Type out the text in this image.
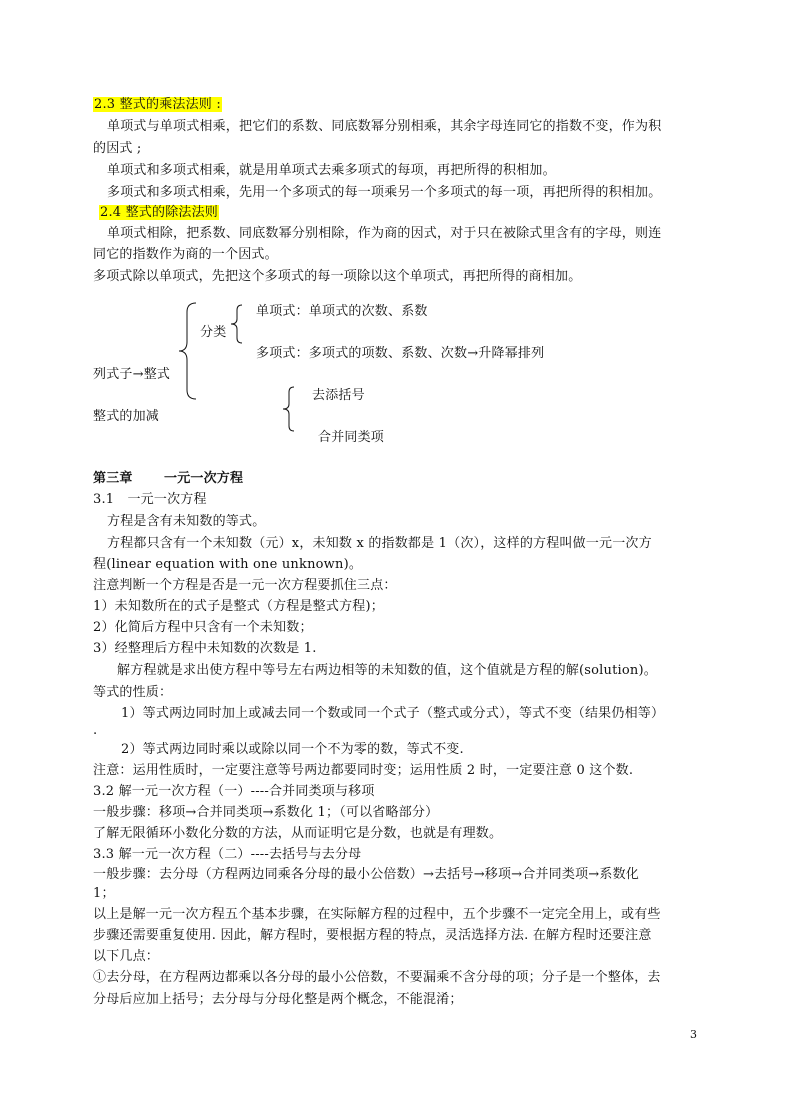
2.3 整式的乘法法则 :
单项式与单项式相乘，把它们的系数、同底数幂分别相乘，其余字母连同它的指数不变，作为积
的因式 ;
单项式和多项式相乘，就是用单项式去乘多项式的每项，再把所得的积相加。
多项式和多项式相乘，先用一个多项式的每一项乘另一个多项式的每一项，再把所得的积相加。
2.4 整式的除法法则
单项式相除，把系数、同底数幂分别相除，作为商的因式，对于只在被除式里含有的字母，则连
同它的指数作为商的一个因式。
多项式除以单项式，先把这个多项式的每一项除以这个单项式，再把所得的商相加。
分类
单项式：单项式的次数、系数
多项式：多项式的项数、系数、次数→升降幂排列
列式子→整式
去添括号
整式的加减
合并同类项
第三章 一元一次方程
3.1　一元一次方程
方程是含有未知数的等式。
方程都只含有一个未知数（元）x，未知数 x 的指数都是 1（次），这样的方程叫做一元一次方
程(linear equation with one unknown)。
注意判断一个方程是否是一元一次方程要抓住三点：
1）未知数所在的式子是整式（方程是整式方程)；
2）化简后方程中只含有一个未知数；
3）经整理后方程中未知数的次数是 1.
解方程就是求出使方程中等号左右两边相等的未知数的值，这个值就是方程的解(solution)。
等式的性质：
1）等式两边同时加上或减去同一个数或同一个式子（整式或分式），等式不变（结果仍相等）
.
2）等式两边同时乘以或除以同一个不为零的数，等式不变.
注意：运用性质时，一定要注意等号两边都要同时变；运用性质 2 时，一定要注意 0 这个数.
3.2 解一元一次方程（一）----合并同类项与移项
一般步骤：移项→合并同类项→系数化 1；（可以省略部分）
了解无限循环小数化分数的方法，从而证明它是分数，也就是有理数。
3.3 解一元一次方程（二）----去括号与去分母
一般步骤：去分母（方程两边同乘各分母的最小公倍数）→去括号→移项→合并同类项→系数化
1；
以上是解一元一次方程五个基本步骤，在实际解方程的过程中，五个步骤不一定完全用上，或有些
步骤还需要重复使用. 因此，解方程时，要根据方程的特点，灵活选择方法. 在解方程时还要注意
以下几点：
①去分母，在方程两边都乘以各分母的最小公倍数，不要漏乘不含分母的项；分子是一个整体，去
分母后应加上括号；去分母与分母化整是两个概念，不能混淆；
3
